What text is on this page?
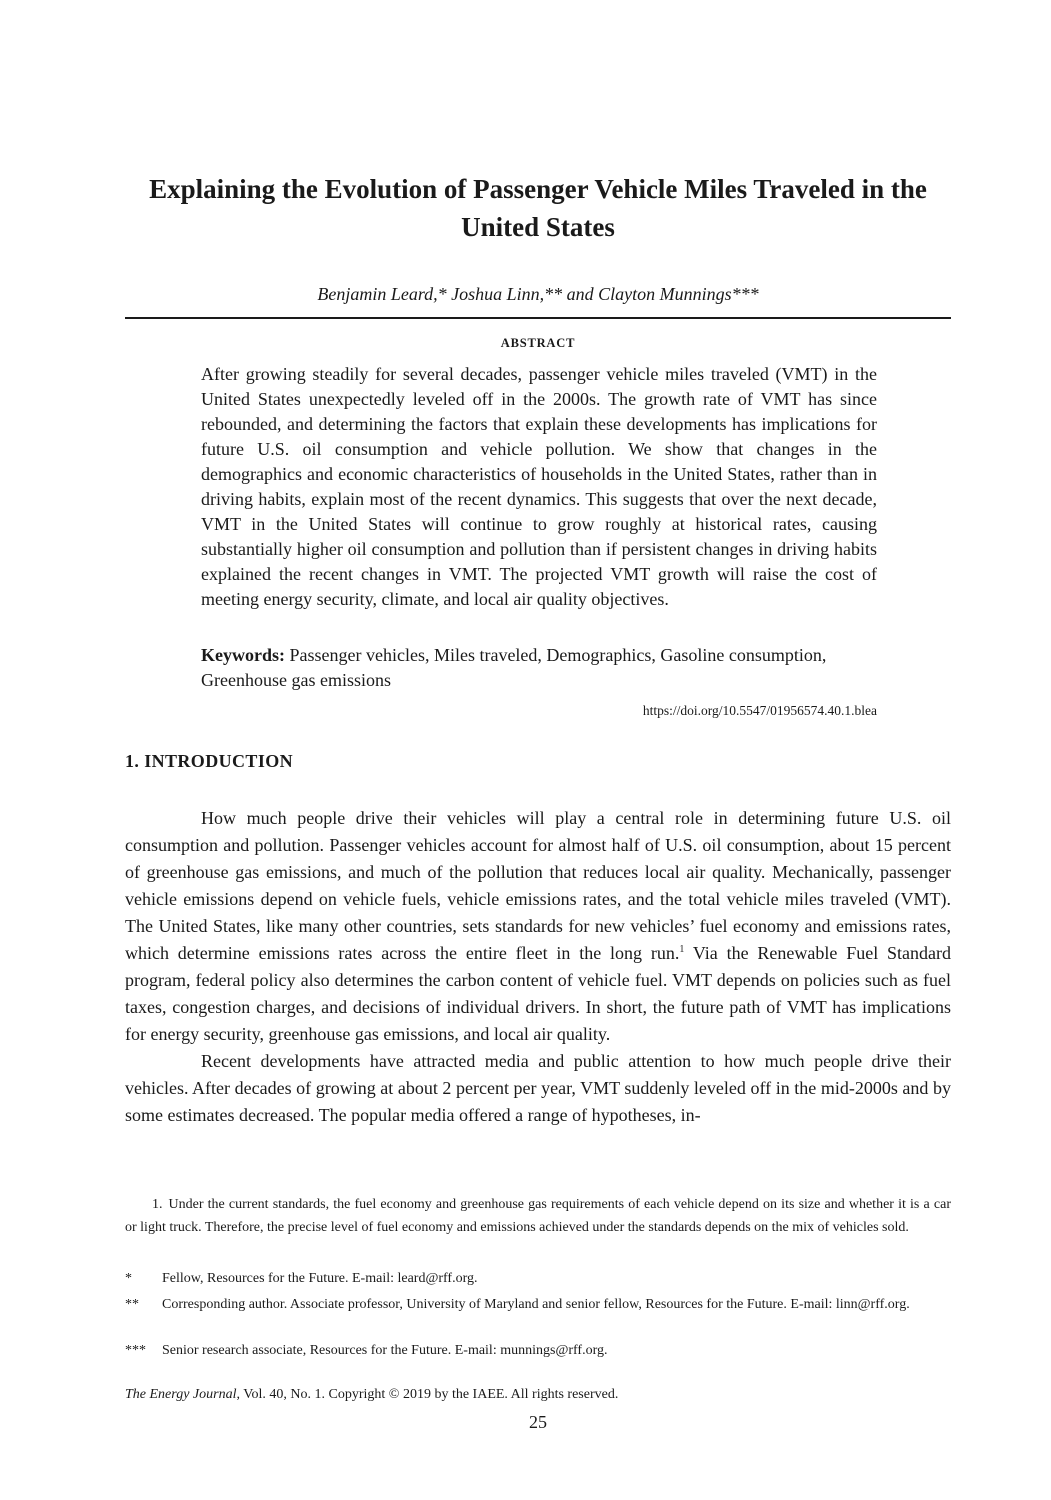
Explaining the Evolution of Passenger Vehicle Miles Traveled in the United States
Benjamin Leard,* Joshua Linn,** and Clayton Munnings***
ABSTRACT
After growing steadily for several decades, passenger vehicle miles traveled (VMT) in the United States unexpectedly leveled off in the 2000s. The growth rate of VMT has since rebounded, and determining the factors that explain these developments has implications for future U.S. oil consumption and vehicle pollution. We show that changes in the demographics and economic characteristics of households in the United States, rather than in driving habits, explain most of the recent dynamics. This suggests that over the next decade, VMT in the United States will continue to grow roughly at historical rates, causing substantially higher oil consumption and pollution than if persistent changes in driving habits explained the recent changes in VMT. The projected VMT growth will raise the cost of meeting energy security, climate, and local air quality objectives.
Keywords: Passenger vehicles, Miles traveled, Demographics, Gasoline consumption, Greenhouse gas emissions
https://doi.org/10.5547/01956574.40.1.blea
1. INTRODUCTION

How much people drive their vehicles will play a central role in determining future U.S. oil consumption and pollution. Passenger vehicles account for almost half of U.S. oil consumption, about 15 percent of greenhouse gas emissions, and much of the pollution that reduces local air quality. Mechanically, passenger vehicle emissions depend on vehicle fuels, vehicle emissions rates, and the total vehicle miles traveled (VMT). The United States, like many other countries, sets standards for new vehicles’ fuel economy and emissions rates, which determine emissions rates across the entire fleet in the long run.$^1$ Via the Renewable Fuel Standard program, federal policy also determines the carbon content of vehicle fuel. VMT depends on policies such as fuel taxes, congestion charges, and decisions of individual drivers. In short, the future path of VMT has implications for energy security, greenhouse gas emissions, and local air quality.

Recent developments have attracted media and public attention to how much people drive their vehicles. After decades of growing at about 2 percent per year, VMT suddenly leveled off in the mid-2000s and by some estimates decreased. The popular media offered a range of hypotheses, in-

1. Under the current standards, the fuel economy and greenhouse gas requirements of each vehicle depend on its size and whether it is a car or light truck. Therefore, the precise level of fuel economy and emissions achieved under the standards depends on the mix of vehicles sold.
*	Fellow, Resources for the Future. E-mail: leard@rff.org.
**	Corresponding author. Associate professor, University of Maryland and senior fellow, Resources for the Future. E-mail: linn@rff.org.
***	Senior research associate, Resources for the Future. E-mail: munnings@rff.org.
The Energy Journal, Vol. 40, No. 1. Copyright © 2019 by the IAEE. All rights reserved.
25
